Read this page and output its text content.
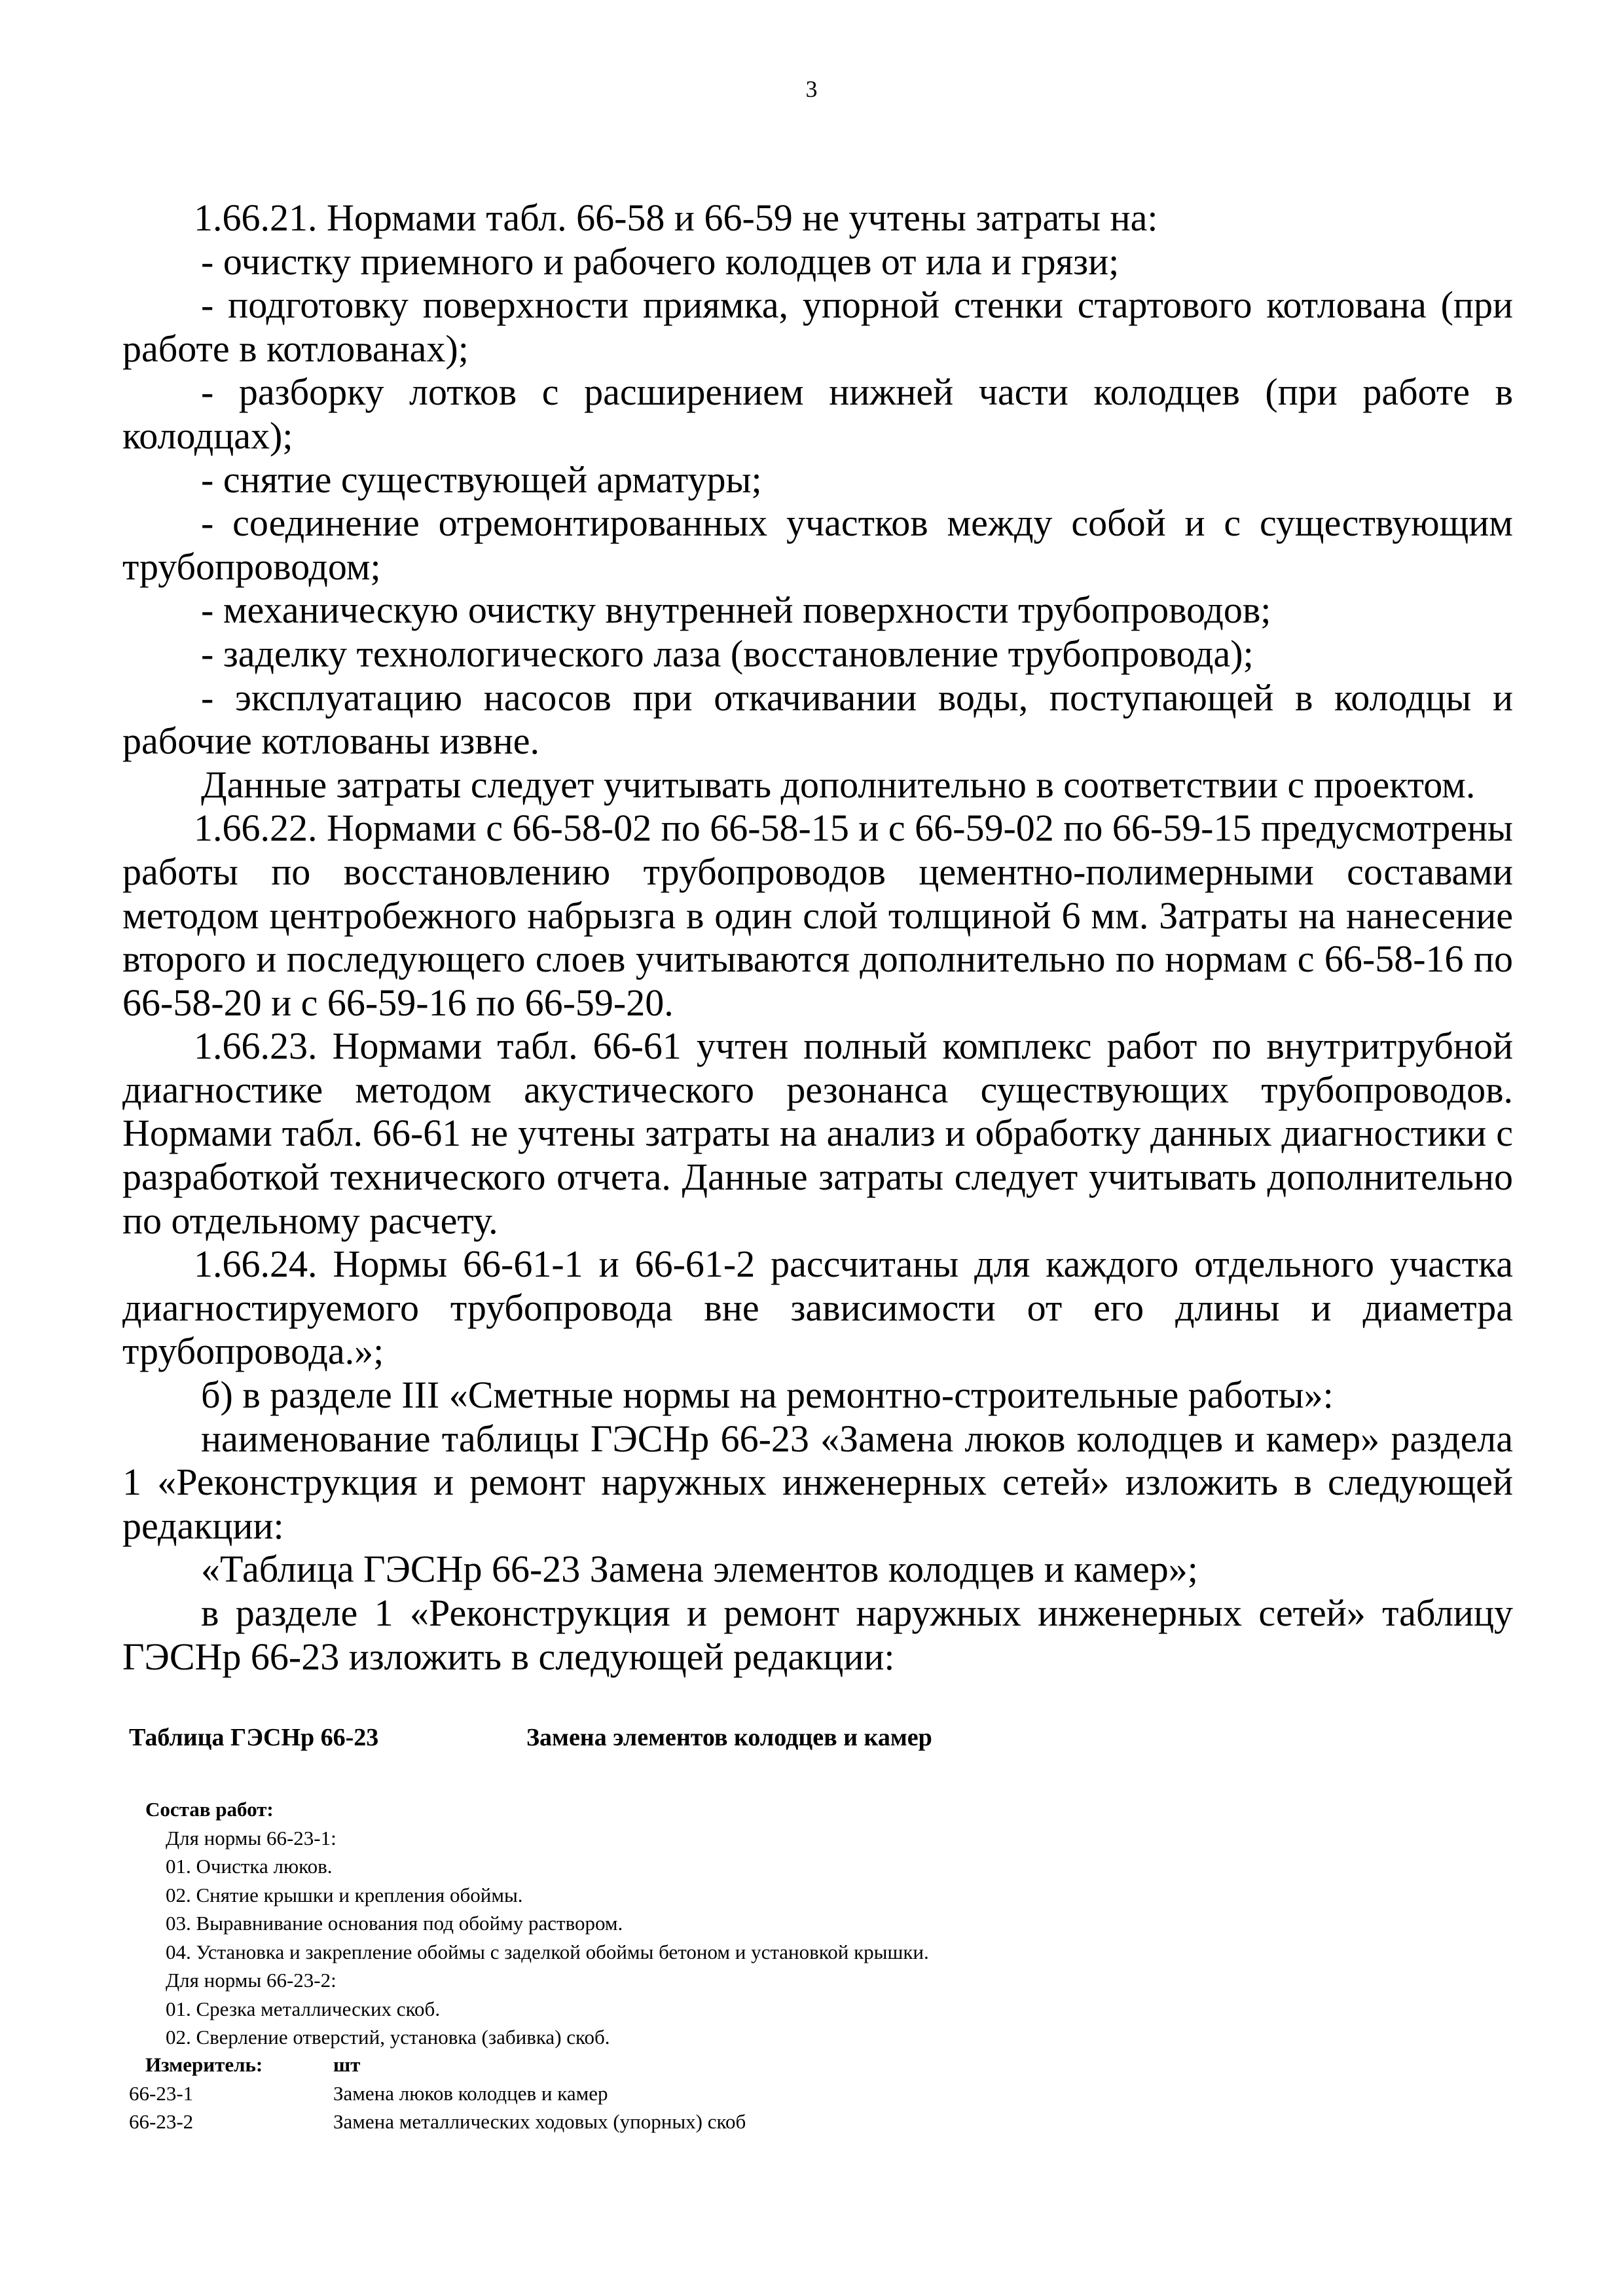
3

1.66.21. Нормами табл. 66-58 и 66-59 не учтены затраты на:

- очистку приемного и рабочего колодцев от ила и грязи;

- подготовку поверхности приямка, упорной стенки стартового котлована (при работе в котлованах);

- разборку лотков с расширением нижней части колодцев (при работе в колодцах);

- снятие существующей арматуры;

- соединение отремонтированных участков между собой и с существующим трубопроводом;

- механическую очистку внутренней поверхности трубопроводов;

- заделку технологического лаза (восстановление трубопровода);

- эксплуатацию насосов при откачивании воды, поступающей в колодцы и рабочие котлованы извне.

Данные затраты следует учитывать дополнительно в соответствии с проектом.

1.66.22. Нормами с 66-58-02 по 66-58-15 и с 66-59-02 по 66-59-15 предусмотрены работы по восстановлению трубопроводов цементно-полимерными составами методом центробежного набрызга в один слой толщиной 6 мм. Затраты на нанесение второго и последующего слоев учитываются дополнительно по нормам с 66-58-16 по 66-58-20 и с 66-59-16 по 66-59-20.

1.66.23. Нормами табл. 66-61 учтен полный комплекс работ по внутритрубной диагностике методом акустического резонанса существующих трубопроводов. Нормами табл. 66-61 не учтены затраты на анализ и обработку данных диагностики с разработкой технического отчета. Данные затраты следует учитывать дополнительно по отдельному расчету.

1.66.24. Нормы 66-61-1 и 66-61-2 рассчитаны для каждого отдельного участка диагностируемого трубопровода вне зависимости от его длины и диаметра трубопровода.»;

б) в разделе III «Сметные нормы на ремонтно-строительные работы»:

наименование таблицы ГЭСНр 66-23 «Замена люков колодцев и камер» раздела 1 «Реконструкция и ремонт наружных инженерных сетей» изложить в следующей редакции:

«Таблица ГЭСНр 66-23 Замена элементов колодцев и камер»;

в разделе 1 «Реконструкция и ремонт наружных инженерных сетей» таблицу ГЭСНр 66-23 изложить в следующей редакции:

Таблица ГЭСНр 66-23	Замена элементов колодцев и камер
Состав работ:
Для нормы 66-23-1:
01. Очистка люков.
02. Снятие крышки и крепления обоймы.
03. Выравнивание основания под обойму раствором.
04. Установка и закрепление обоймы с заделкой обоймы бетоном и установкой крышки.
Для нормы 66-23-2:
01. Срезка металлических скоб.
02. Сверление отверстий, установка (забивка) скоб.
Измеритель:	шт
66-23-1	Замена люков колодцев и камер
66-23-2	Замена металлических ходовых (упорных) скоб
